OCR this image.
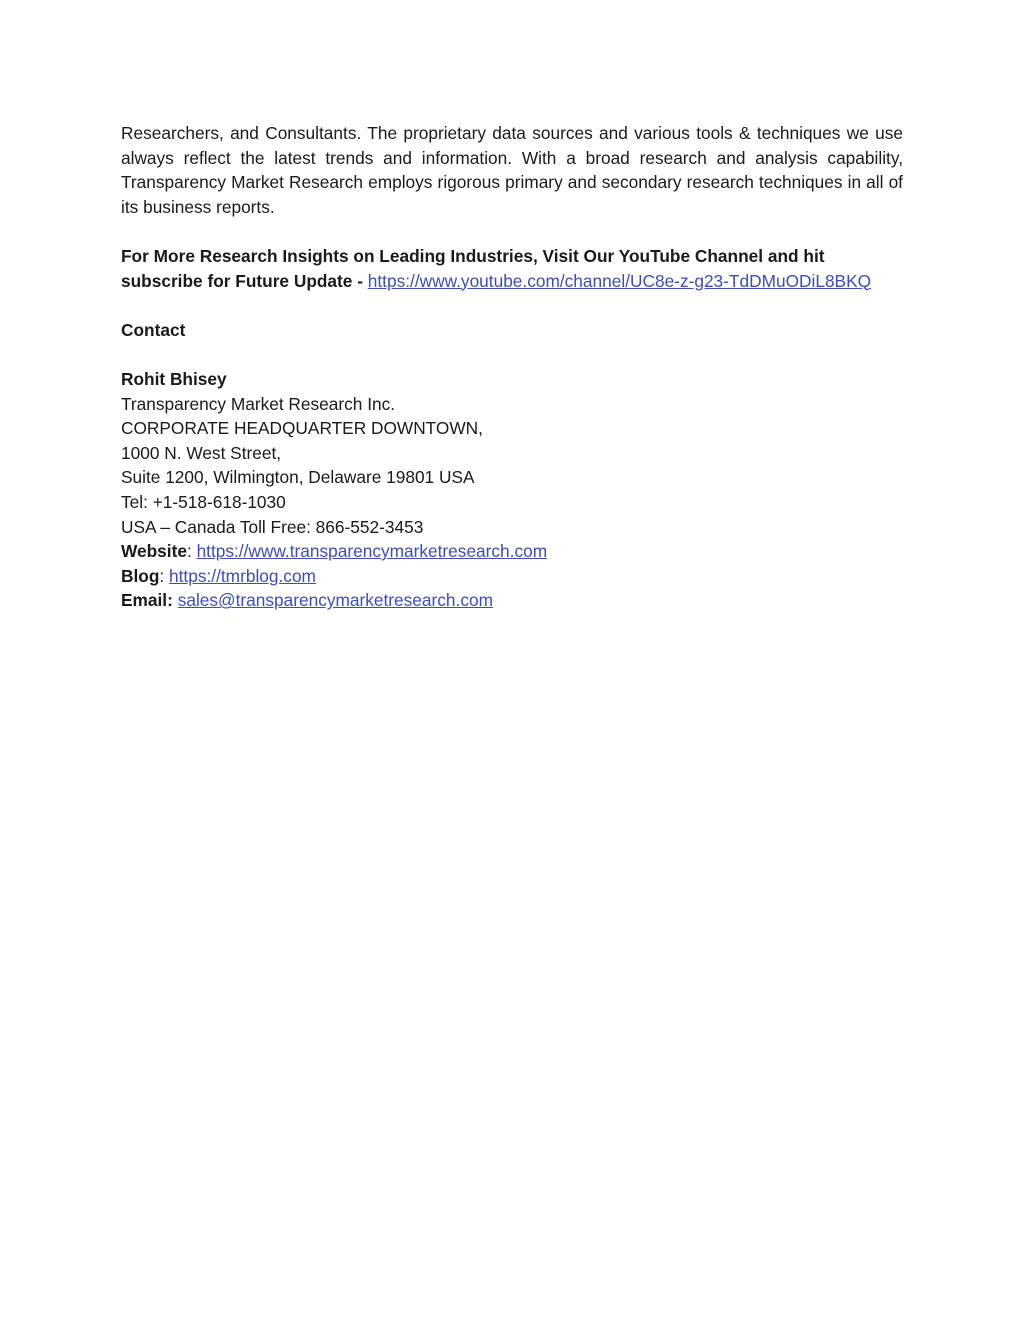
Researchers, and Consultants. The proprietary data sources and various tools & techniques we use always reflect the latest trends and information. With a broad research and analysis capability, Transparency Market Research employs rigorous primary and secondary research techniques in all of its business reports.

For More Research Insights on Leading Industries, Visit Our YouTube Channel and hit subscribe for Future Update - https://www.youtube.com/channel/UC8e-z-g23-TdDMuODiL8BKQ

Contact

Rohit Bhisey
Transparency Market Research Inc.
CORPORATE HEADQUARTER DOWNTOWN,
1000 N. West Street,
Suite 1200, Wilmington, Delaware 19801 USA
Tel: +1-518-618-1030
USA – Canada Toll Free: 866-552-3453
Website: https://www.transparencymarketresearch.com
Blog: https://tmrblog.com
Email: sales@transparencymarketresearch.com
